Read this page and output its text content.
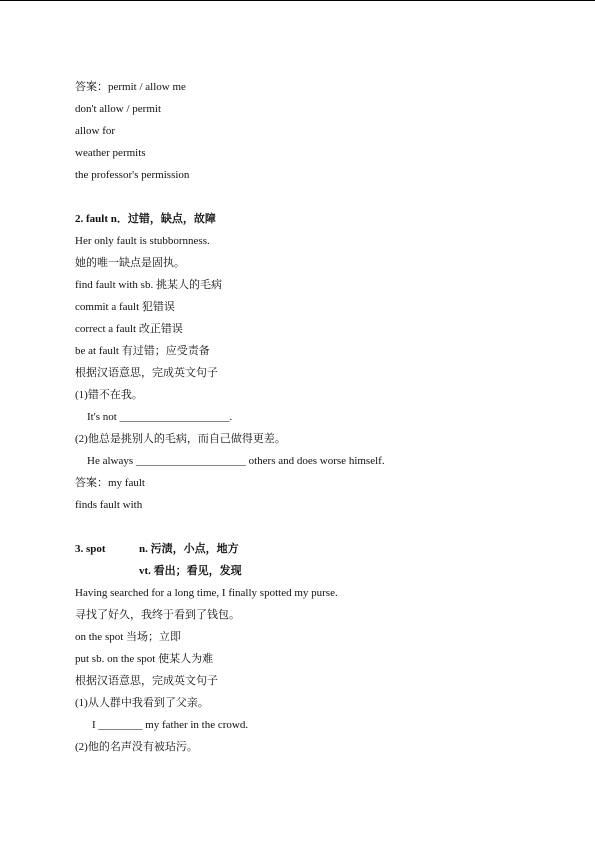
答案：permit / allow me
don't allow / permit
allow for
weather permits
the professor's permission
2. fault n．过错，缺点，故障
Her only fault is stubbornness.
她的唯一缺点是固执。
find fault with sb. 挑某人的毛病
commit a fault 犯错误
correct a fault 改正错误
be at fault 有过错；应受责备
根据汉语意思，完成英文句子
(1)错不在我。
It's not ____________________.
(2)他总是挑别人的毛病，而自己做得更差。
He always ____________________ others and does worse himself.
答案：my fault
finds fault with
3. spot	n. 污渍，小点，地方
vt. 看出；看见，发现
Having searched for a long time, I finally spotted my purse.
寻找了好久，我终于看到了钱包。
on the spot 当场；立即
put sb. on the spot 使某人为难
根据汉语意思，完成英文句子
(1)从人群中我看到了父亲。
I ________ my father in the crowd.
(2)他的名声没有被玷污。
